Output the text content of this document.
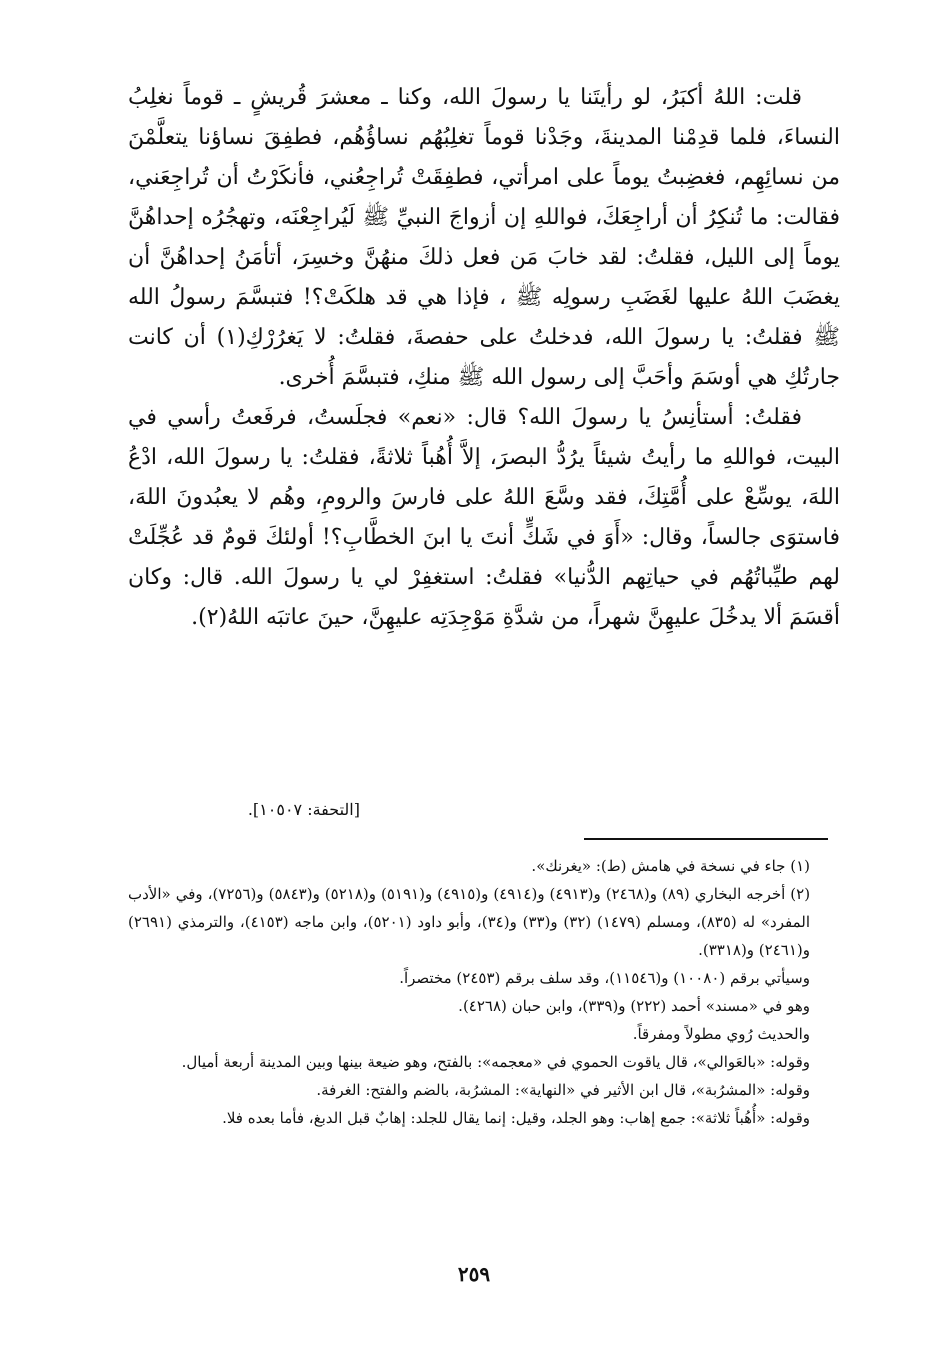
قلت: اللهُ أكبَرُ، لو رأيتَنا يا رسولَ الله، وكنا ـ معشرَ قُريشٍ ـ قوماً نغلِبُ النساءَ، فلما قدِمْنا المدينةَ، وجَدْنا قوماً تغلِبُهُم نساؤُهُم، فطفِقَ نساؤنا يتعلَّمْنَ من نسائِهِم، فغضِبتُ يوماً على امرأتي، فطفِقَتْ تُراجِعُني، فأنكَرْتُ أن تُراجِعَني، فقالت: ما تُنكِرُ أن أراجِعَكَ، فواللهِ إن أزواجَ النبيِّ ﷺ لَيُراجِعْنَه، وتهجُرُه إحداهُنَّ يوماً إلى الليل، فقلتُ: لقد خابَ مَن فعل ذلكَ منهُنَّ وخسِرَ، أتأمَنُ إحداهُنَّ أن يغضَبَ اللهُ عليها لغَضَبِ رسولِه ﷺ ، فإذا هي قد هلكَتْ؟! فتبسَّمَ رسولُ الله ﷺ فقلتُ: يا رسولَ الله، فدخلتُ على حفصةَ، فقلتُ: لا يَغرُرْكِ(١) أن كانت جارتُكِ هي أوسَمَ وأحَبَّ إلى رسول الله ﷺ منكِ، فتبسَّمَ أُخرى.

فقلتُ: أستأنِسُ يا رسولَ الله؟ قال: «نعم» فجلَستُ، فرفَعتُ رأسي في البيت، فواللهِ ما رأيتُ شيئاً يرُدُّ البصرَ، إلاَّ أُهُباً ثلاثةً، فقلتُ: يا رسولَ الله، ادْعُ اللهَ، يوسِّعْ على أُمَّتِكَ، فقد وسَّعَ اللهُ على فارسَ والرومِ، وهُم لا يعبُدونَ اللهَ، فاستوَى جالساً، وقال: «أَوَ في شَكٍّ أنتَ يا ابنَ الخطَّابِ؟! أولئكَ قومٌ قد عُجِّلَتْ لهم طيِّباتُهُم في حياتِهم الدُّنيا» فقلتُ: استغفِرْ لي يا رسولَ الله. قال: وكان أقسَمَ ألا يدخُلَ عليهِنَّ شهراً، من شدَّةِ مَوْجِدَتِه عليهِنَّ، حينَ عاتبَه اللهُ(٢).

[التحفة: ١٠٥٠٧].

(١) جاء في نسخة في هامش (ط): «يغرنك».

(٢) أخرجه البخاري (٨٩) و(٢٤٦٨) و(٤٩١٣) و(٤٩١٤) و(٤٩١٥) و(٥١٩١) و(٥٢١٨) و(٥٨٤٣) و(٧٢٥٦)، وفي «الأدب المفرد» له (٨٣٥)، ومسلم (١٤٧٩) (٣٢) و(٣٣) و(٣٤)، وأبو داود (٥٢٠١)، وابن ماجه (٤١٥٣)، والترمذي (٢٦٩١) و(٢٤٦١) و(٣٣١٨).

وسيأتي برقم (١٠٠٨٠) و(١١٥٤٦)، وقد سلف برقم (٢٤٥٣) مختصراً.

وهو في «مسند» أحمد (٢٢٢) و(٣٣٩)، وابن حبان (٤٢٦٨).

والحديث رُوي مطولاً ومفرقاً.

وقوله: «بالعَوالي»، قال ياقوت الحموي في «معجمه»: بالفتح، وهو ضيعة بينها وبين المدينة أربعة أميال.

وقوله: «المشرُبة»، قال ابن الأثير في «النهاية»: المشرُبة، بالضم والفتح: الغرفة.

وقوله: «أُهُباً ثلاثة»: جمع إهاب: وهو الجلد، وقيل: إنما يقال للجلد: إهابٌ قبل الدبغ، فأما بعده فلا.

٢٥٩
